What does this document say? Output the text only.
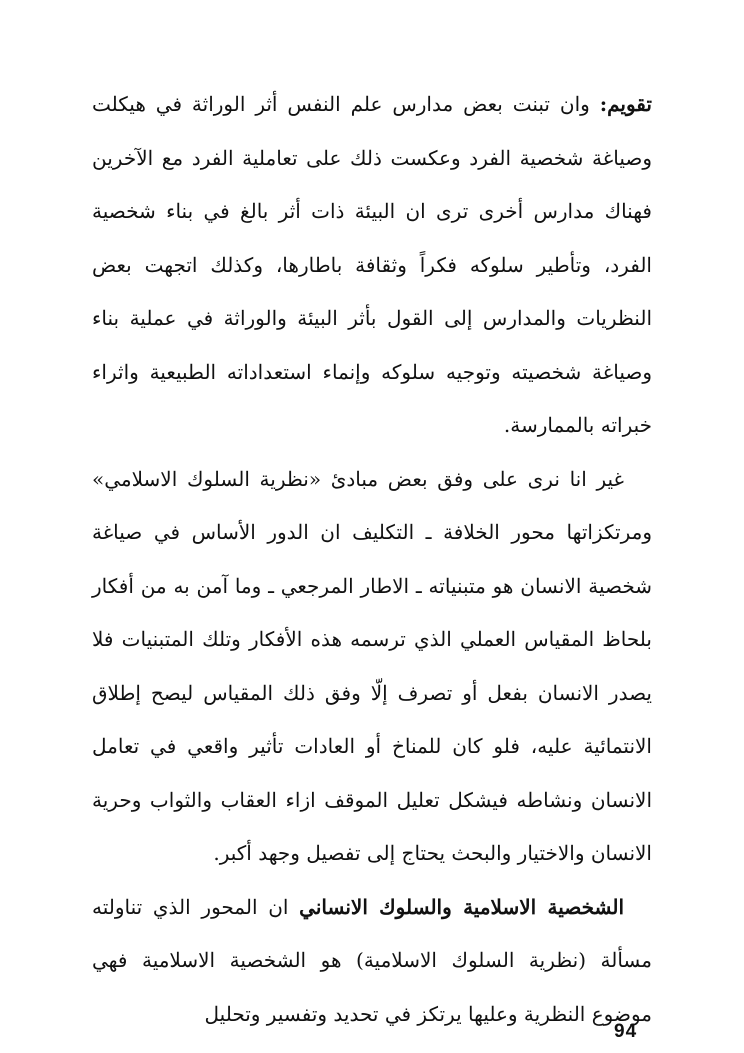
تقويم: وان تبنت بعض مدارس علم النفس أثر الوراثة في هيكلت وصياغة شخصية الفرد وعكست ذلك على تعاملية الفرد مع الآخرين فهناك مدارس أخرى ترى ان البيئة ذات أثر بالغ في بناء شخصية الفرد، وتأطير سلوكه فكراً وثقافة باطارها، وكذلك اتجهت بعض النظريات والمدارس إلى القول بأثر البيئة والوراثة في عملية بناء وصياغة شخصيته وتوجيه سلوكه وإنماء استعداداته الطبيعية واثراء خبراته بالممارسة.

غير انا نرى على وفق بعض مبادئ «نظرية السلوك الاسلامي» ومرتكزاتها محور الخلافة ـ التكليف ان الدور الأساس في صياغة شخصية الانسان هو متبنياته ـ الاطار المرجعي ـ وما آمن به من أفكار بلحاظ المقياس العملي الذي ترسمه هذه الأفكار وتلك المتبنيات فلا يصدر الانسان بفعل أو تصرف إلّا وفق ذلك المقياس ليصح إطلاق الانتمائية عليه، فلو كان للمناخ أو العادات تأثير واقعي في تعامل الانسان ونشاطه فيشكل تعليل الموقف ازاء العقاب والثواب وحرية الانسان والاختيار والبحث يحتاج إلى تفصيل وجهد أكبر.

الشخصية الاسلامية والسلوك الانساني ان المحور الذي تناولته مسألة (نظرية السلوك الاسلامية) هو الشخصية الاسلامية فهي موضوع النظرية وعليها يرتكز في تحديد وتفسير وتحليل

94
